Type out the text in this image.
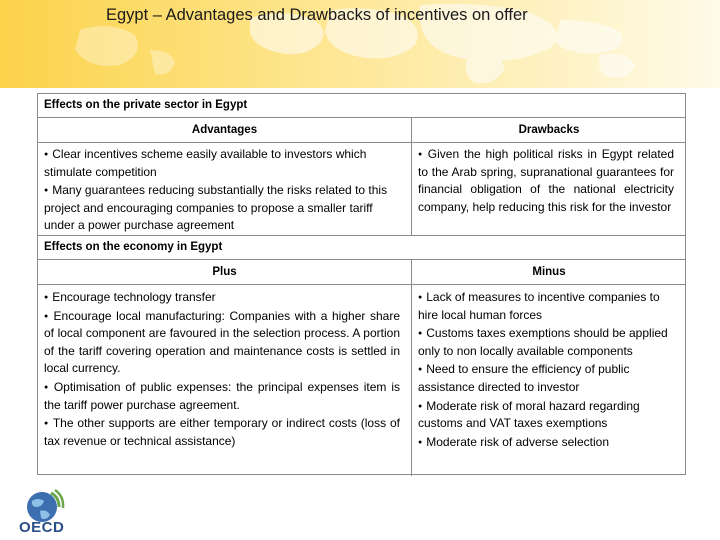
Egypt – Advantages and Drawbacks of incentives on offer
Effects on the private sector in Egypt
Advantages	Drawbacks

● Clear incentives scheme easily available to investors which stimulate competition

● Many guarantees reducing substantially the risks related to this project and encouraging companies to propose a smaller tariff under a power purchase agreement

● Given the high political risks in Egypt related to the Arab spring, supranational guarantees for financial obligation of the national electricity company, help reducing this risk for the investor

Effects on the economy in Egypt
Plus	Minus

● Encourage technology transfer

● Encourage local manufacturing: Companies with a higher share of local component are favoured in the selection process. A portion of the tariff covering operation and maintenance costs is settled in local currency.

● Optimisation of public expenses: the principal expenses item is the tariff power purchase agreement.

● The other supports are either temporary or indirect costs (loss of tax revenue or technical assistance)

● Lack of measures to incentive companies to hire local human forces

● Customs taxes exemptions should be applied only to non locally available components

● Need to ensure the efficiency of public assistance directed to investor

● Moderate risk of moral hazard regarding customs and VAT taxes exemptions

● Moderate risk of adverse selection

OECD
